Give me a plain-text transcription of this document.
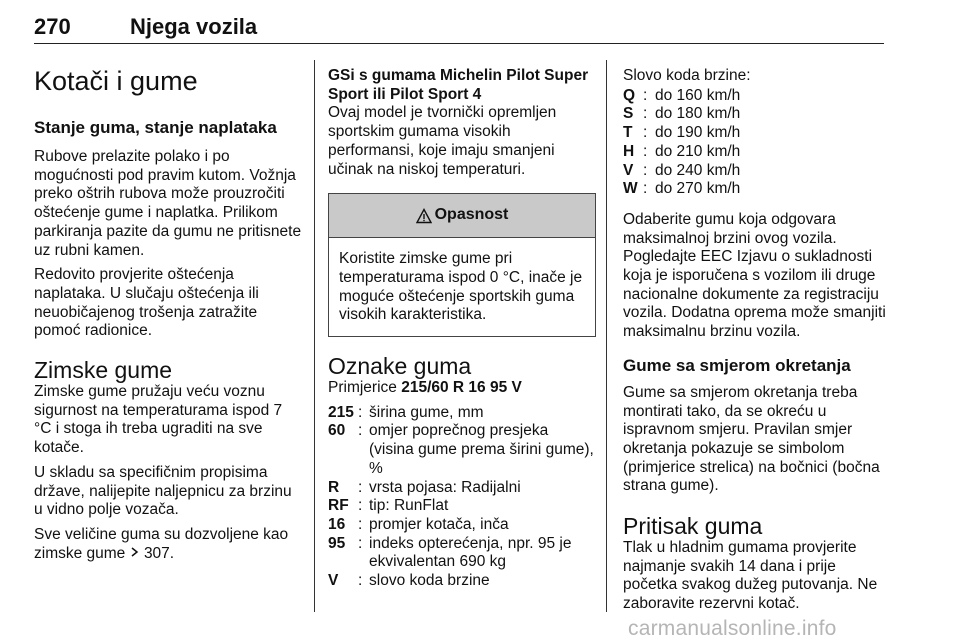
270	Njega vozila
Kotači i gume
Stanje guma, stanje naplataka

Rubove prelazite polako i po mogućnosti pod pravim kutom. Vožnja preko oštrih rubova može prouzročiti oštećenje gume i naplatka. Prilikom parkiranja pazite da gumu ne pritisnete uz rubni kamen.

Redovito provjerite oštećenja naplataka. U slučaju oštećenja ili neuobičajenog trošenja zatražite pomoć radionice.

Zimske gume

Zimske gume pružaju veću voznu sigurnost na temperaturama ispod 7 °C i stoga ih treba ugraditi na sve kotače.

U skladu sa specifičnim propisima države, nalijepite naljepnicu za brzinu u vidno polje vozača.

Sve veličine guma su dozvoljene kao zimske gume 307.

GSi s gumama Michelin Pilot Super Sport ili Pilot Sport 4

Ovaj model je tvornički opremljen sportskim gumama visokih performansi, koje imaju smanjeni učinak na niskoj temperaturi.

Opasnost
Koristite zimske gume pri temperaturama ispod 0 °C, inače je moguće oštećenje sportskih guma visokih karakteristika.
Oznake guma

Primjerice 215/60 R 16 95 V

215 : širina gume, mm
60 : omjer poprečnog presjeka (visina gume prema širini gume), %
R	: vrsta pojasa: Radijalni
RF : tip: RunFlat
16 : promjer kotača, inča
95 : indeks opterećenja, npr. 95 je ekvivalentan 690 kg
V	: slovo koda brzine

Slovo koda brzine:

Q : do 160 km/h
S : do 180 km/h
T : do 190 km/h
H : do 210 km/h
V : do 240 km/h
W : do 270 km/h

Odaberite gumu koja odgovara maksimalnoj brzini ovog vozila. Pogledajte EEC Izjavu o sukladnosti koja je isporučena s vozilom ili druge nacionalne dokumente za registraciju vozila. Dodatna oprema može smanjiti maksimalnu brzinu vozila.

Gume sa smjerom okretanja

Gume sa smjerom okretanja treba montirati tako, da se okreću u ispravnom smjeru. Pravilan smjer okretanja pokazuje se simbolom (primjerice strelica) na bočnici (bočna strana gume).

Pritisak guma

Tlak u hladnim gumama provjerite najmanje svakih 14 dana i prije početka svakog dužeg putovanja. Ne zaboravite rezervni kotač.

carmanualsonline.info
